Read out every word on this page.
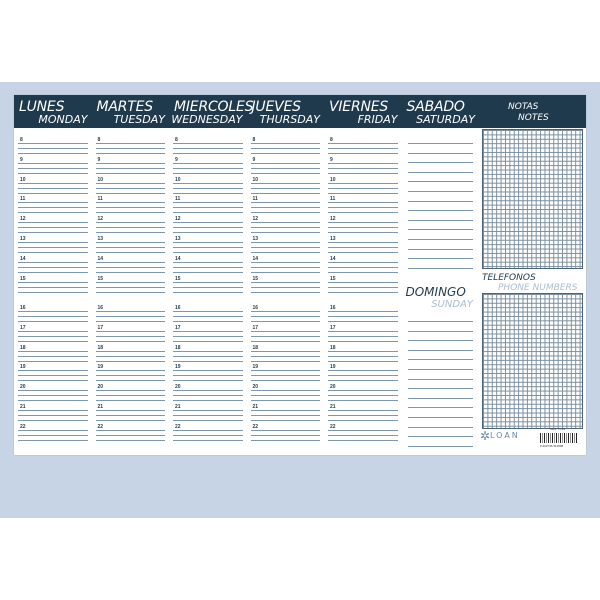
NOTAS
NOTES
TELEFONOS
PHONE NUMBERS
✲ LOAN
Mod. T-131
8 402746 311508
LUNES
MONDAY
8
9
10
11
12
13
14
15
16
17
18
19
20
21
22
MARTES
TUESDAY
8
9
10
11
12
13
14
15
16
17
18
19
20
21
22
MIERCOLES
WEDNESDAY
8
9
10
11
12
13
14
15
16
17
18
19
20
21
22
JUEVES
THURSDAY
8
9
10
11
12
13
14
15
16
17
18
19
20
21
22
VIERNES
FRIDAY
8
9
10
11
12
13
14
15
16
17
18
19
20
21
22
SABADO
SATURDAY
DOMINGO
SUNDAY
